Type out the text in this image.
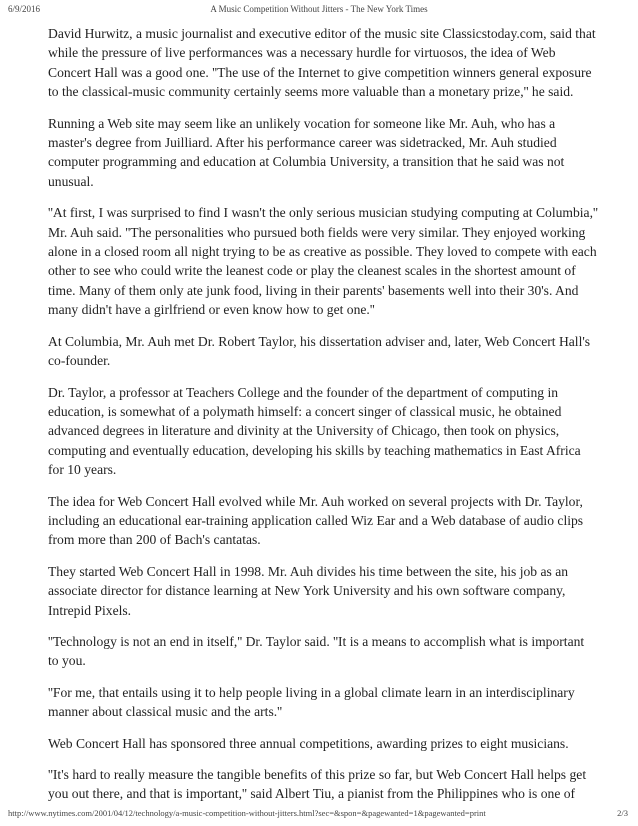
6/9/2016	A Music Competition Without Jitters - The New York Times

David Hurwitz, a music journalist and executive editor of the music site Classicstoday.com, said that while the pressure of live performances was a necessary hurdle for virtuosos, the idea of Web Concert Hall was a good one. ''The use of the Internet to give competition winners general exposure to the classical-music community certainly seems more valuable than a monetary prize,'' he said.

Running a Web site may seem like an unlikely vocation for someone like Mr. Auh, who has a master's degree from Juilliard. After his performance career was sidetracked, Mr. Auh studied computer programming and education at Columbia University, a transition that he said was not unusual.

''At first, I was surprised to find I wasn't the only serious musician studying computing at Columbia,'' Mr. Auh said. ''The personalities who pursued both fields were very similar. They enjoyed working alone in a closed room all night trying to be as creative as possible. They loved to compete with each other to see who could write the leanest code or play the cleanest scales in the shortest amount of time. Many of them only ate junk food, living in their parents' basements well into their 30's. And many didn't have a girlfriend or even know how to get one.''

At Columbia, Mr. Auh met Dr. Robert Taylor, his dissertation adviser and, later, Web Concert Hall's co-founder.

Dr. Taylor, a professor at Teachers College and the founder of the department of computing in education, is somewhat of a polymath himself: a concert singer of classical music, he obtained advanced degrees in literature and divinity at the University of Chicago, then took on physics, computing and eventually education, developing his skills by teaching mathematics in East Africa for 10 years.

The idea for Web Concert Hall evolved while Mr. Auh worked on several projects with Dr. Taylor, including an educational ear-training application called Wiz Ear and a Web database of audio clips from more than 200 of Bach's cantatas.

They started Web Concert Hall in 1998. Mr. Auh divides his time between the site, his job as an associate director for distance learning at New York University and his own software company, Intrepid Pixels.

''Technology is not an end in itself,'' Dr. Taylor said. ''It is a means to accomplish what is important to you.

''For me, that entails using it to help people living in a global climate learn in an interdisciplinary manner about classical music and the arts.''

Web Concert Hall has sponsored three annual competitions, awarding prizes to eight musicians.

''It's hard to really measure the tangible benefits of this prize so far, but Web Concert Hall helps get you out there, and that is important,'' said Albert Tiu, a pianist from the Philippines who is one of

http://www.nytimes.com/2001/04/12/technology/a-music-competition-without-jitters.html?sec=&spon=&pagewanted=1&pagewanted=print	2/3
